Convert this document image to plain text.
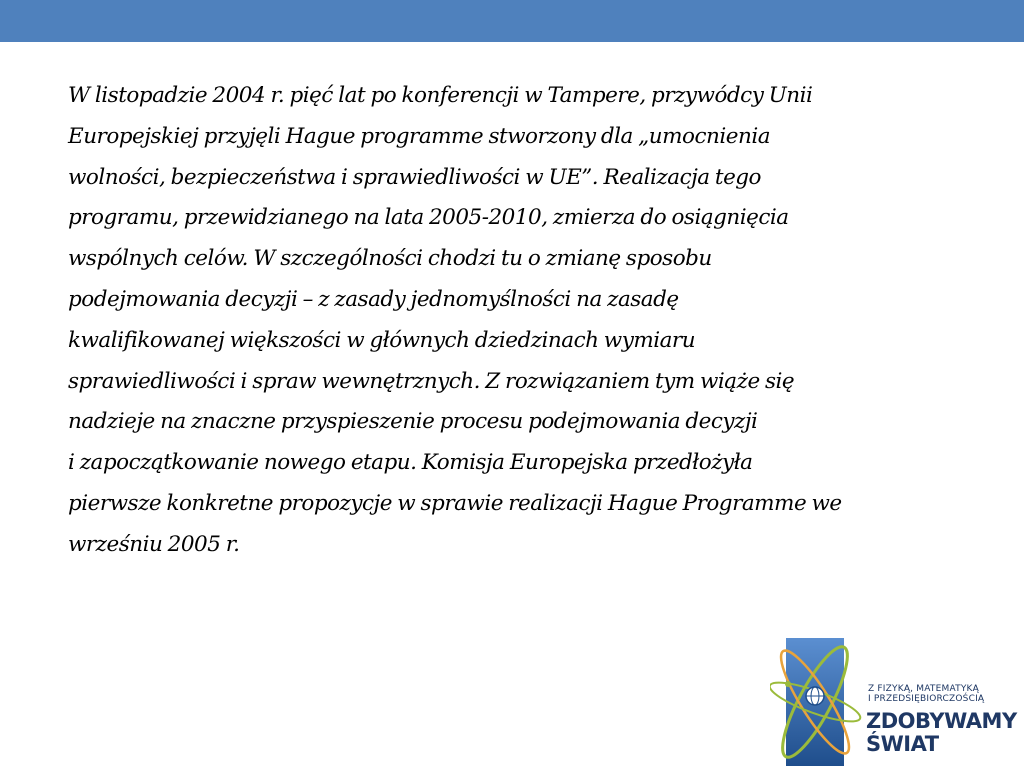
W listopadzie 2004 r. pięć lat po konferencji w Tampere, przywódcy Unii
Europejskiej przyjęli Hague programme stworzony dla „umocnienia
wolności, bezpieczeństwa i sprawiedliwości w UE”. Realizacja tego
programu, przewidzianego na lata 2005-2010, zmierza do osiągnięcia
wspólnych celów. W szczególności chodzi tu o zmianę sposobu
podejmowania decyzji – z zasady jednomyślności na zasadę
kwalifikowanej większości w głównych dziedzinach wymiaru
sprawiedliwości i spraw wewnętrznych. Z rozwiązaniem tym wiąże się
nadzieje na znaczne przyspieszenie procesu podejmowania decyzji
i zapoczątkowanie nowego etapu. Komisja Europejska przedłożyła
pierwsze konkretne propozycje w sprawie realizacji Hague Programme we
wrześniu 2005 r.

Z FIZYKĄ, MATEMATYKĄ
I PRZEDSIĘBIORCZOŚCIĄ
ZDOBYWAMY
ŚWIAT
